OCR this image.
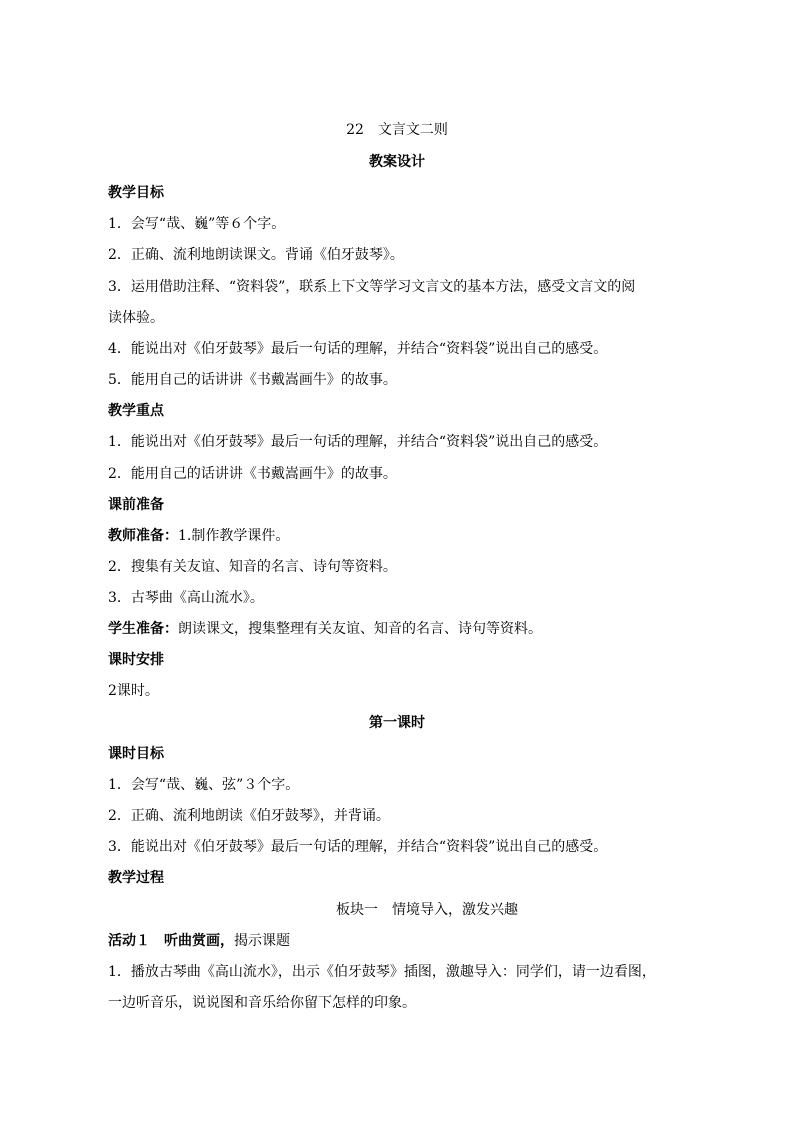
22　文言文二则
教案设计
教学目标
1．会写“哉、巍”等６个字。
2．正确、流利地朗读课文。背诵《伯牙鼓琴》。
3．运用借助注释、“资料袋”，联系上下文等学习文言文的基本方法，感受文言文的阅
读体验。
4．能说出对《伯牙鼓琴》最后一句话的理解，并结合“资料袋”说出自己的感受。
5．能用自己的话讲讲《书戴嵩画牛》的故事。
教学重点
1．能说出对《伯牙鼓琴》最后一句话的理解，并结合“资料袋”说出自己的感受。
2．能用自己的话讲讲《书戴嵩画牛》的故事。
课前准备
教师准备：1.制作教学课件。
2．搜集有关友谊、知音的名言、诗句等资料。
3．古琴曲《高山流水》。
学生准备：朗读课文，搜集整理有关友谊、知音的名言、诗句等资料。
课时安排
2课时。
第一课时
课时目标
1．会写“哉、巍、弦”３个字。
2．正确、流利地朗读《伯牙鼓琴》，并背诵。
3．能说出对《伯牙鼓琴》最后一句话的理解，并结合“资料袋”说出自己的感受。
教学过程
板块一　情境导入，激发兴趣
活动１　听曲赏画，揭示课题
1．播放古琴曲《高山流水》，出示《伯牙鼓琴》插图，激趣导入：同学们，请一边看图，
一边听音乐，说说图和音乐给你留下怎样的印象。
